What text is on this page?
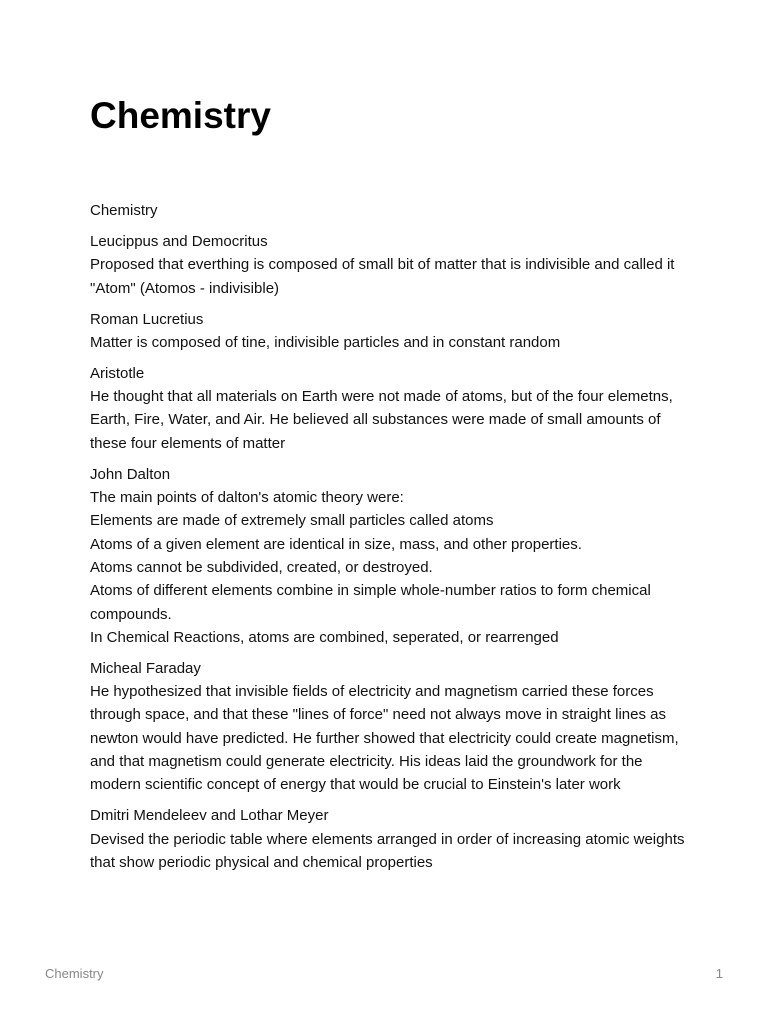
Chemistry
Chemistry
Leucippus and Democritus
Proposed that everthing is composed of small bit of matter that is indivisible and called it "Atom" (Atomos - indivisible)
Roman Lucretius
Matter is composed of tine, indivisible particles and in constant random
Aristotle
He thought that all materials on Earth were not made of atoms, but of the four elemetns, Earth, Fire, Water, and Air. He believed all substances were made of small amounts of these four elements of matter
John Dalton
The main points of dalton's atomic theory were:
Elements are made of extremely small particles called atoms
Atoms of a given element are identical in size, mass, and other properties.
Atoms cannot be subdivided, created, or destroyed.
Atoms of different elements combine in simple whole-number ratios to form chemical compounds.
In Chemical Reactions, atoms are combined, seperated, or rearrenged
Micheal Faraday
He hypothesized that invisible fields of electricity and magnetism carried these forces through space, and that these "lines of force" need not always move in straight lines as newton would have predicted. He further showed that electricity could create magnetism, and that magnetism could generate electricity. His ideas laid the groundwork for the modern scientific concept of energy that would be crucial to Einstein's later work
Dmitri Mendeleev and Lothar Meyer
Devised the periodic table where elements arranged in order of increasing atomic weights that show periodic physical and chemical properties
Chemistry	1
